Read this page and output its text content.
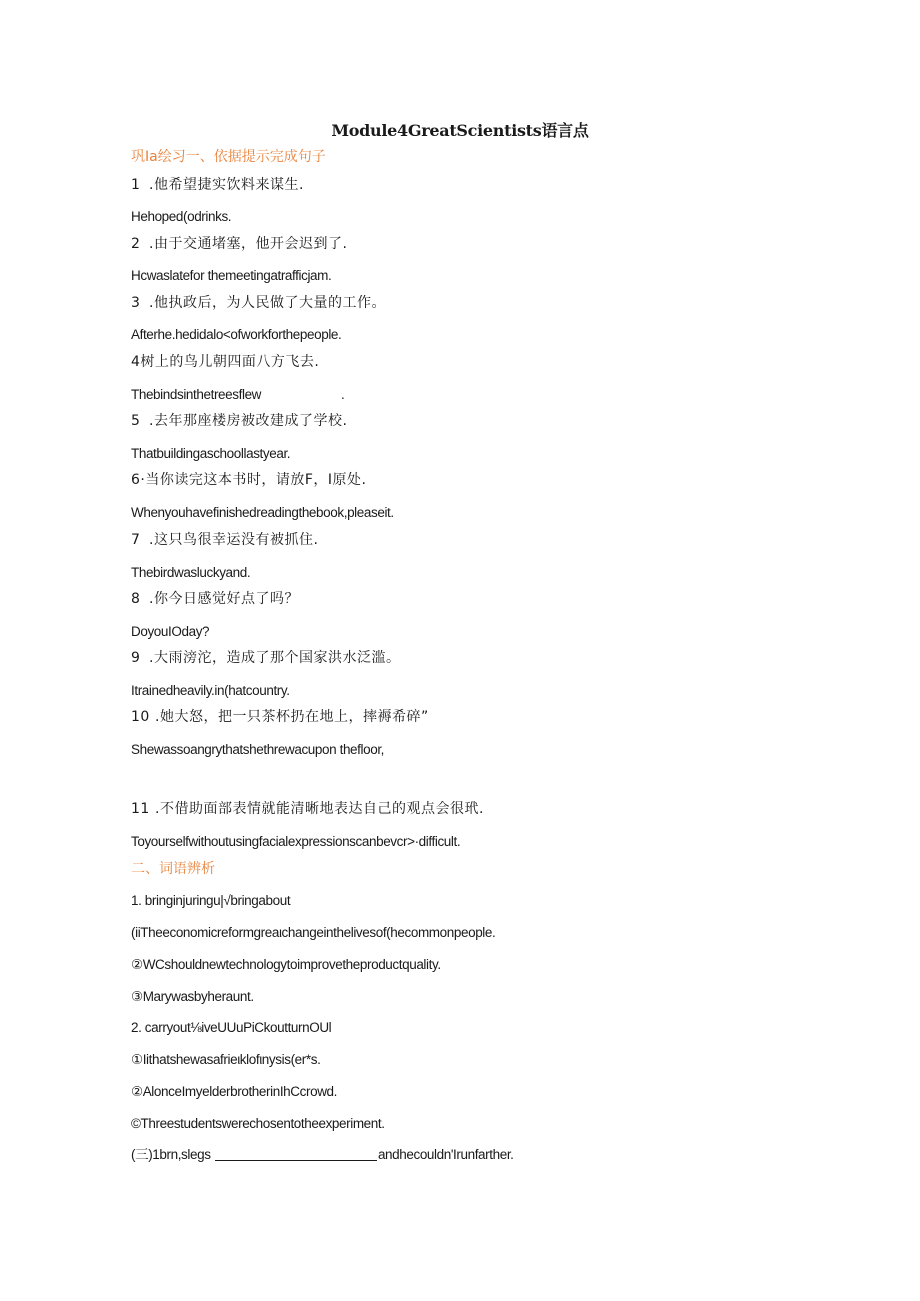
Module4GreatScientists语言点
巩Ia绘习一、依据提示完成句子
1 .他希望捷实饮料来谋生.
Hehoped(odrinks.
2 .由于交通堵塞，他开会迟到了.
Hcwaslatefor themeetingatrafficjam.
3 .他执政后，为人民做了大量的工作。
Afterhe.hedidalo<ofworkforthepeople.
4树上的鸟儿朝四面八方飞去.
Thebindsinthetreesflew	.
5 .去年那座楼房被改建成了学校.
Thatbuildingaschoollastyear.
6·当你读完这本书时，请放F，I原处.
Whenyouhavefinishedreadingthebook,pleaseit.
7 .这只鸟很幸运没有被抓住.
Thebirdwasluckyand.
8 .你今日感觉好点了吗？
DoyouIOday?
9 .大雨滂沱，造成了那个国家洪水泛滥。
Itrainedheavily.in(hatcountry.
10 .她大怒，把一只茶杯扔在地上，摔褥希碎”
Shewassoangrythatshethrewacupon thefloor,
11 .不借助面部表情就能清晰地表达自己的观点会很玳.
Toyourselfwithoutusingfacialexpressionscanbevcr>·difficult.
二、词语辨析
1. bringinjuringu|√bringabout
(iiTheeconomicreformgreaιchangeinthelivesof(hecommonpeople.
②WCshouldnewtechnologytoimprovetheproductquality.
③Marywasbyheraunt.
2. carryout⅛iveUUuPiCkoutturnOUl
①Iithatshewasafrieιklofιnysis(er*s.
②AlonceImyelderbrotherinIhCcrowd.
©Threestudentswerechosentotheexperiment.
(三)1brn,slegs	andhecouldn'Irunfarther.
